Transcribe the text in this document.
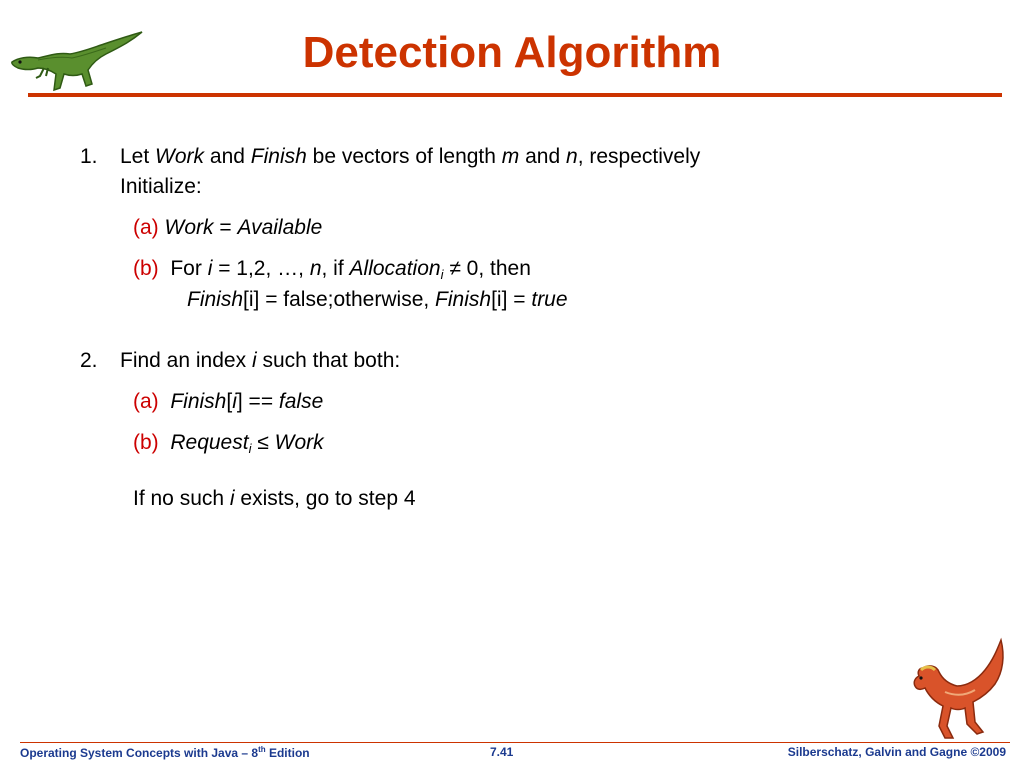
Detection Algorithm
1. Let Work and Finish be vectors of length m and n, respectively
Initialize:
(a) Work = Available
(b) For i = 1,2, …, n, if Allocation$_i$ ≠ 0, then
Finish[i] = false;otherwise, Finish[i] = true
2. Find an index i such that both:
(a) Finish[i] == false
(b) Request$_i$ ≤ Work
If no such i exists, go to step 4
Operating System Concepts with Java – 8th Edition	7.41	Silberschatz, Galvin and Gagne ©2009
